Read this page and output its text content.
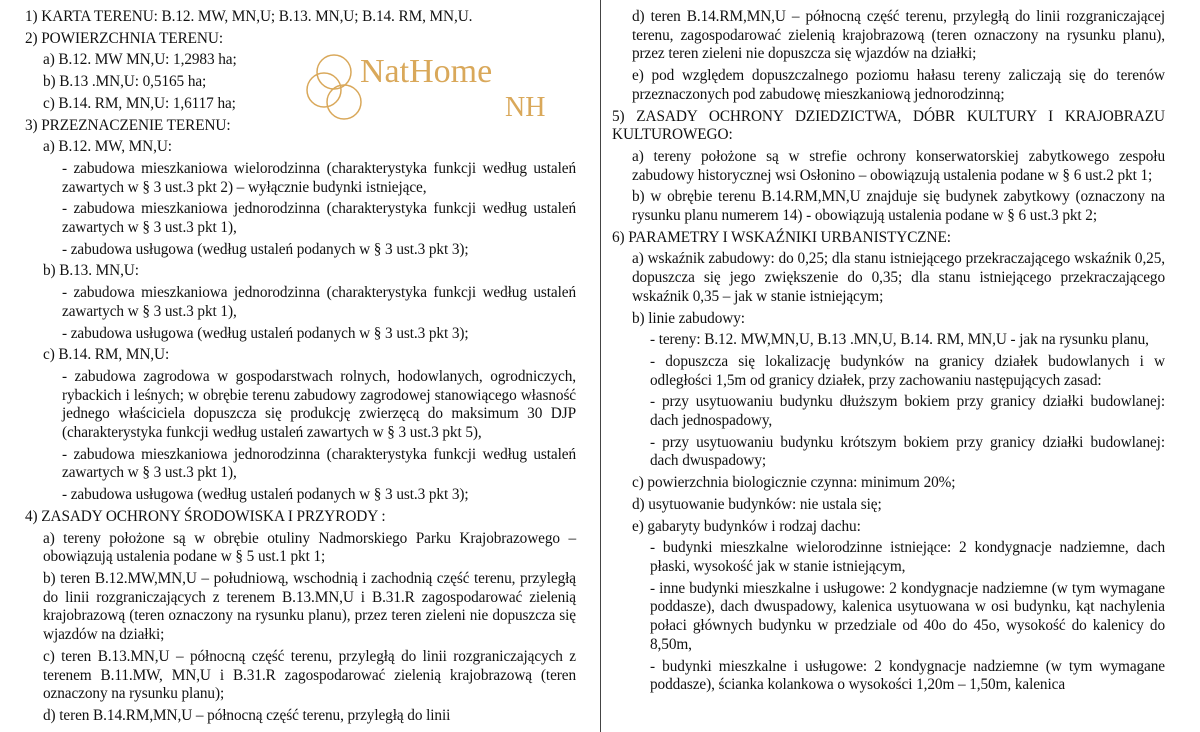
1) KARTA TERENU: B.12. MW, MN,U; B.13. MN,U; B.14. RM, MN,U.

2) POWIERZCHNIA TERENU:

a) B.12. MW MN,U: 1,2983 ha;

b) B.13 .MN,U: 0,5165 ha;

c) B.14. RM, MN,U: 1,6117 ha;

3) PRZEZNACZENIE TERENU:

a) B.12. MW, MN,U:

- zabudowa mieszkaniowa wielorodzinna (charakterystyka funkcji według ustaleń zawartych w § 3 ust.3 pkt 2) – wyłącznie budynki istniejące,

- zabudowa mieszkaniowa jednorodzinna (charakterystyka funkcji według ustaleń zawartych w § 3 ust.3 pkt 1),

- zabudowa usługowa (według ustaleń podanych w § 3 ust.3 pkt 3);

b) B.13. MN,U:

- zabudowa mieszkaniowa jednorodzinna (charakterystyka funkcji według ustaleń zawartych w § 3 ust.3 pkt 1),

- zabudowa usługowa (według ustaleń podanych w § 3 ust.3 pkt 3);

c) B.14. RM, MN,U:

- zabudowa zagrodowa w gospodarstwach rolnych, hodowlanych, ogrodniczych, rybackich i leśnych; w obrębie terenu zabudowy zagrodowej stanowiącego własność jednego właściciela dopuszcza się produkcję zwierzęcą do maksimum 30 DJP (charakterystyka funkcji według ustaleń zawartych w § 3 ust.3 pkt 5),

- zabudowa mieszkaniowa jednorodzinna (charakterystyka funkcji według ustaleń zawartych w § 3 ust.3 pkt 1),

- zabudowa usługowa (według ustaleń podanych w § 3 ust.3 pkt 3);

4) ZASADY OCHRONY ŚRODOWISKA I PRZYRODY :

a) tereny położone są w obrębie otuliny Nadmorskiego Parku Krajobrazowego – obowiązują ustalenia podane w § 5 ust.1 pkt 1;

b) teren B.12.MW,MN,U – południową, wschodnią i zachodnią część terenu, przyległą do linii rozgraniczających z terenem B.13.MN,U i B.31.R zagospodarować zielenią krajobrazową (teren oznaczony na rysunku planu), przez teren zieleni nie dopuszcza się wjazdów na działki;

c) teren B.13.MN,U – północną część terenu, przyległą do linii rozgraniczających z terenem B.11.MW, MN,U i B.31.R zagospodarować zielenią krajobrazową (teren oznaczony na rysunku planu);

d) teren B.14.RM,MN,U – północną część terenu, przyległą do linii

d) teren B.14.RM,MN,U – północną część terenu, przyległą do linii rozgraniczającej terenu, zagospodarować zielenią krajobrazową (teren oznaczony na rysunku planu), przez teren zieleni nie dopuszcza się wjazdów na działki;

e) pod względem dopuszczalnego poziomu hałasu tereny zaliczają się do terenów przeznaczonych pod zabudowę mieszkaniową jednorodzinną;

5) ZASADY OCHRONY DZIEDZICTWA, DÓBR KULTURY I KRAJOBRAZU KULTUROWEGO:

a) tereny położone są w strefie ochrony konserwatorskiej zabytkowego zespołu zabudowy historycznej wsi Osłonino – obowiązują ustalenia podane w § 6 ust.2 pkt 1;

b) w obrębie terenu B.14.RM,MN,U znajduje się budynek zabytkowy (oznaczony na rysunku planu numerem 14) - obowiązują ustalenia podane w § 6 ust.3 pkt 2;

6) PARAMETRY I WSKAŹNIKI URBANISTYCZNE:

a) wskaźnik zabudowy: do 0,25; dla stanu istniejącego przekraczającego wskaźnik 0,25, dopuszcza się jego zwiększenie do 0,35; dla stanu istniejącego przekraczającego wskaźnik 0,35 – jak w stanie istniejącym;

b) linie zabudowy:

- tereny: B.12. MW,MN,U, B.13 .MN,U, B.14. RM, MN,U - jak na rysunku planu,

- dopuszcza się lokalizację budynków na granicy działek budowlanych i w odległości 1,5m od granicy działek, przy zachowaniu następujących zasad:

- przy usytuowaniu budynku dłuższym bokiem przy granicy działki budowlanej: dach jednospadowy,

- przy usytuowaniu budynku krótszym bokiem przy granicy działki budowlanej: dach dwuspadowy;

c) powierzchnia biologicznie czynna: minimum 20%;

d) usytuowanie budynków: nie ustala się;

e) gabaryty budynków i rodzaj dachu:

- budynki mieszkalne wielorodzinne istniejące: 2 kondygnacje nadziemne, dach płaski, wysokość jak w stanie istniejącym,

- inne budynki mieszkalne i usługowe: 2 kondygnacje nadziemne (w tym wymagane poddasze), dach dwuspadowy, kalenica usytuowana w osi budynku, kąt nachylenia połaci głównych budynku w przedziale od 40o do 45o, wysokość do kalenicy do 8,50m,

- budynki mieszkalne i usługowe: 2 kondygnacje nadziemne (w tym wymagane poddasze), ścianka kolankowa o wysokości 1,20m – 1,50m, kalenica

NatHome
NH
